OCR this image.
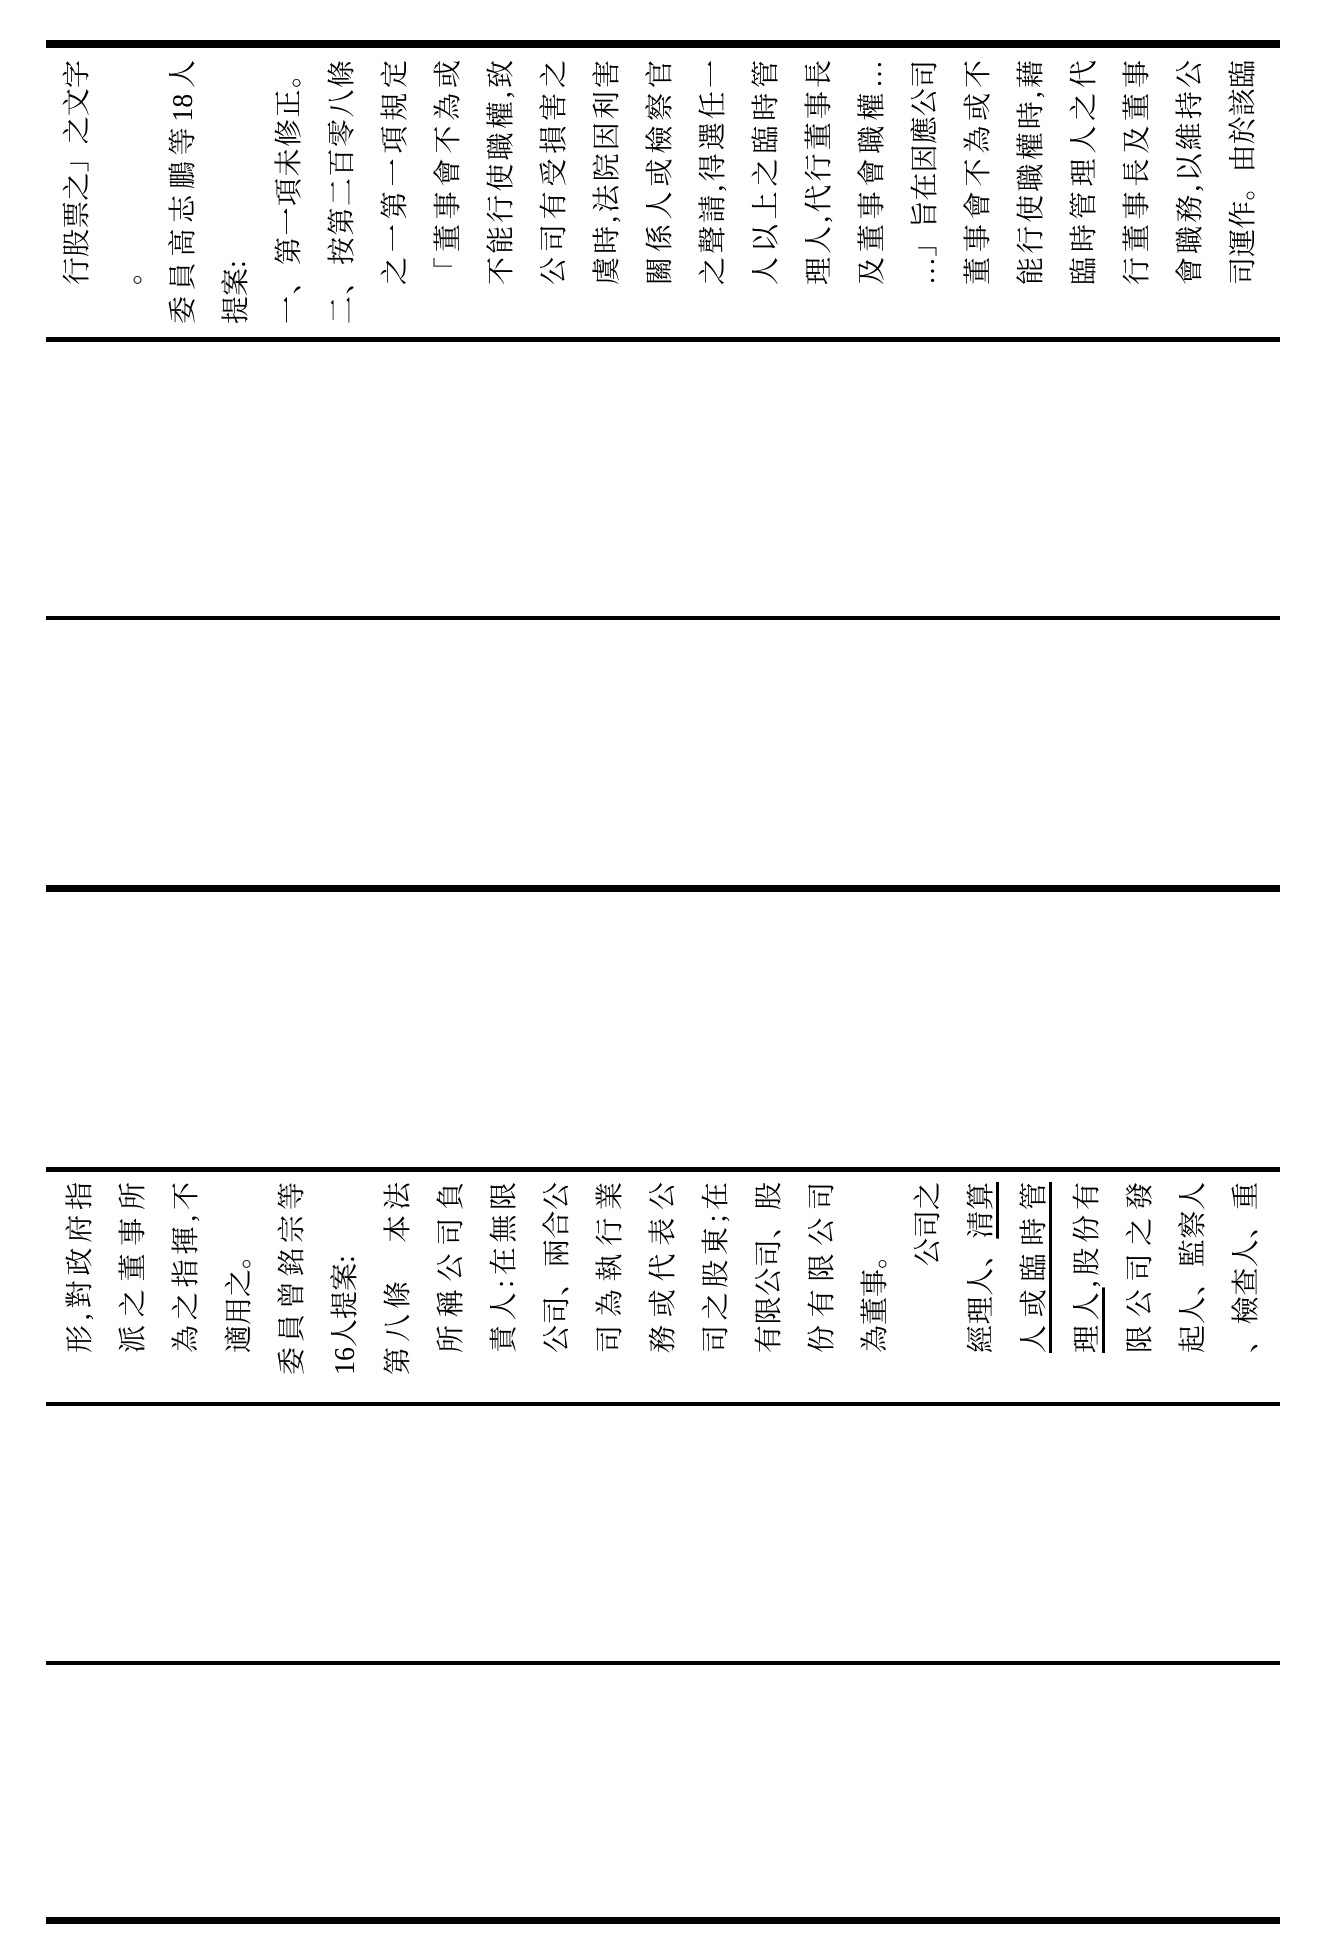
行股票之」之文字 。 委員高志鵬等18人 提案: 一、第一項未修正。 二、按第二百零八條 之一第一項規定 「董事會不為或 不能行使職權,致 公司有受損害之 虞時,法院因利害 關係人或檢察官 之聲請,得選任一 人以上之臨時管 理人,代行董事長 及董事會職權… …」旨在因應公司 董事會不為或不 能行使職權時,藉 臨時管理人之代 行董事長及董事 會職務,以維持公 司運作。由於該臨
形,對政府指 派之董事所 為之指揮,不 適用之。 委員曾銘宗等 16人提案: 第八條　本法 所稱公司負 責人:在無限 公司、兩合公 司為執行業 務或代表公 司之股東;在 有限公司、股 份有限公司 為董事。
公司之
經理人、清算 人或臨時管 理人,股份有 限公司之發 起人、監察人 、檢查人、重
